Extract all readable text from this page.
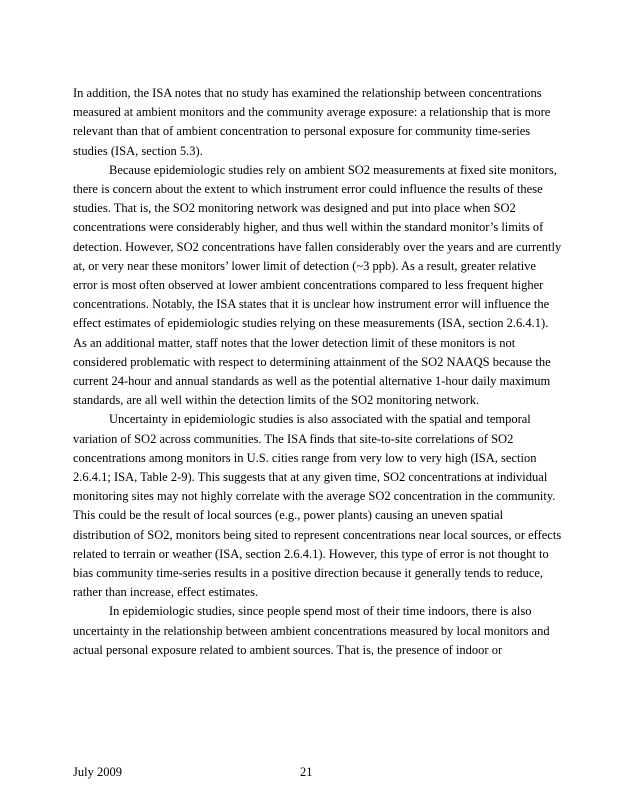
In addition, the ISA notes that no study has examined the relationship between concentrations measured at ambient monitors and the community average exposure: a relationship that is more relevant than that of ambient concentration to personal exposure for community time-series studies (ISA, section 5.3).

Because epidemiologic studies rely on ambient SO2 measurements at fixed site monitors, there is concern about the extent to which instrument error could influence the results of these studies. That is, the SO2 monitoring network was designed and put into place when SO2 concentrations were considerably higher, and thus well within the standard monitor’s limits of detection. However, SO2 concentrations have fallen considerably over the years and are currently at, or very near these monitors’ lower limit of detection (~3 ppb). As a result, greater relative error is most often observed at lower ambient concentrations compared to less frequent higher concentrations. Notably, the ISA states that it is unclear how instrument error will influence the effect estimates of epidemiologic studies relying on these measurements (ISA, section 2.6.4.1). As an additional matter, staff notes that the lower detection limit of these monitors is not considered problematic with respect to determining attainment of the SO2 NAAQS because the current 24-hour and annual standards as well as the potential alternative 1-hour daily maximum standards, are all well within the detection limits of the SO2 monitoring network.

Uncertainty in epidemiologic studies is also associated with the spatial and temporal variation of SO2 across communities. The ISA finds that site-to-site correlations of SO2 concentrations among monitors in U.S. cities range from very low to very high (ISA, section 2.6.4.1; ISA, Table 2-9). This suggests that at any given time, SO2 concentrations at individual monitoring sites may not highly correlate with the average SO2 concentration in the community. This could be the result of local sources (e.g., power plants) causing an uneven spatial distribution of SO2, monitors being sited to represent concentrations near local sources, or effects related to terrain or weather (ISA, section 2.6.4.1). However, this type of error is not thought to bias community time-series results in a positive direction because it generally tends to reduce, rather than increase, effect estimates.

In epidemiologic studies, since people spend most of their time indoors, there is also uncertainty in the relationship between ambient concentrations measured by local monitors and actual personal exposure related to ambient sources. That is, the presence of indoor or

July 2009	21
